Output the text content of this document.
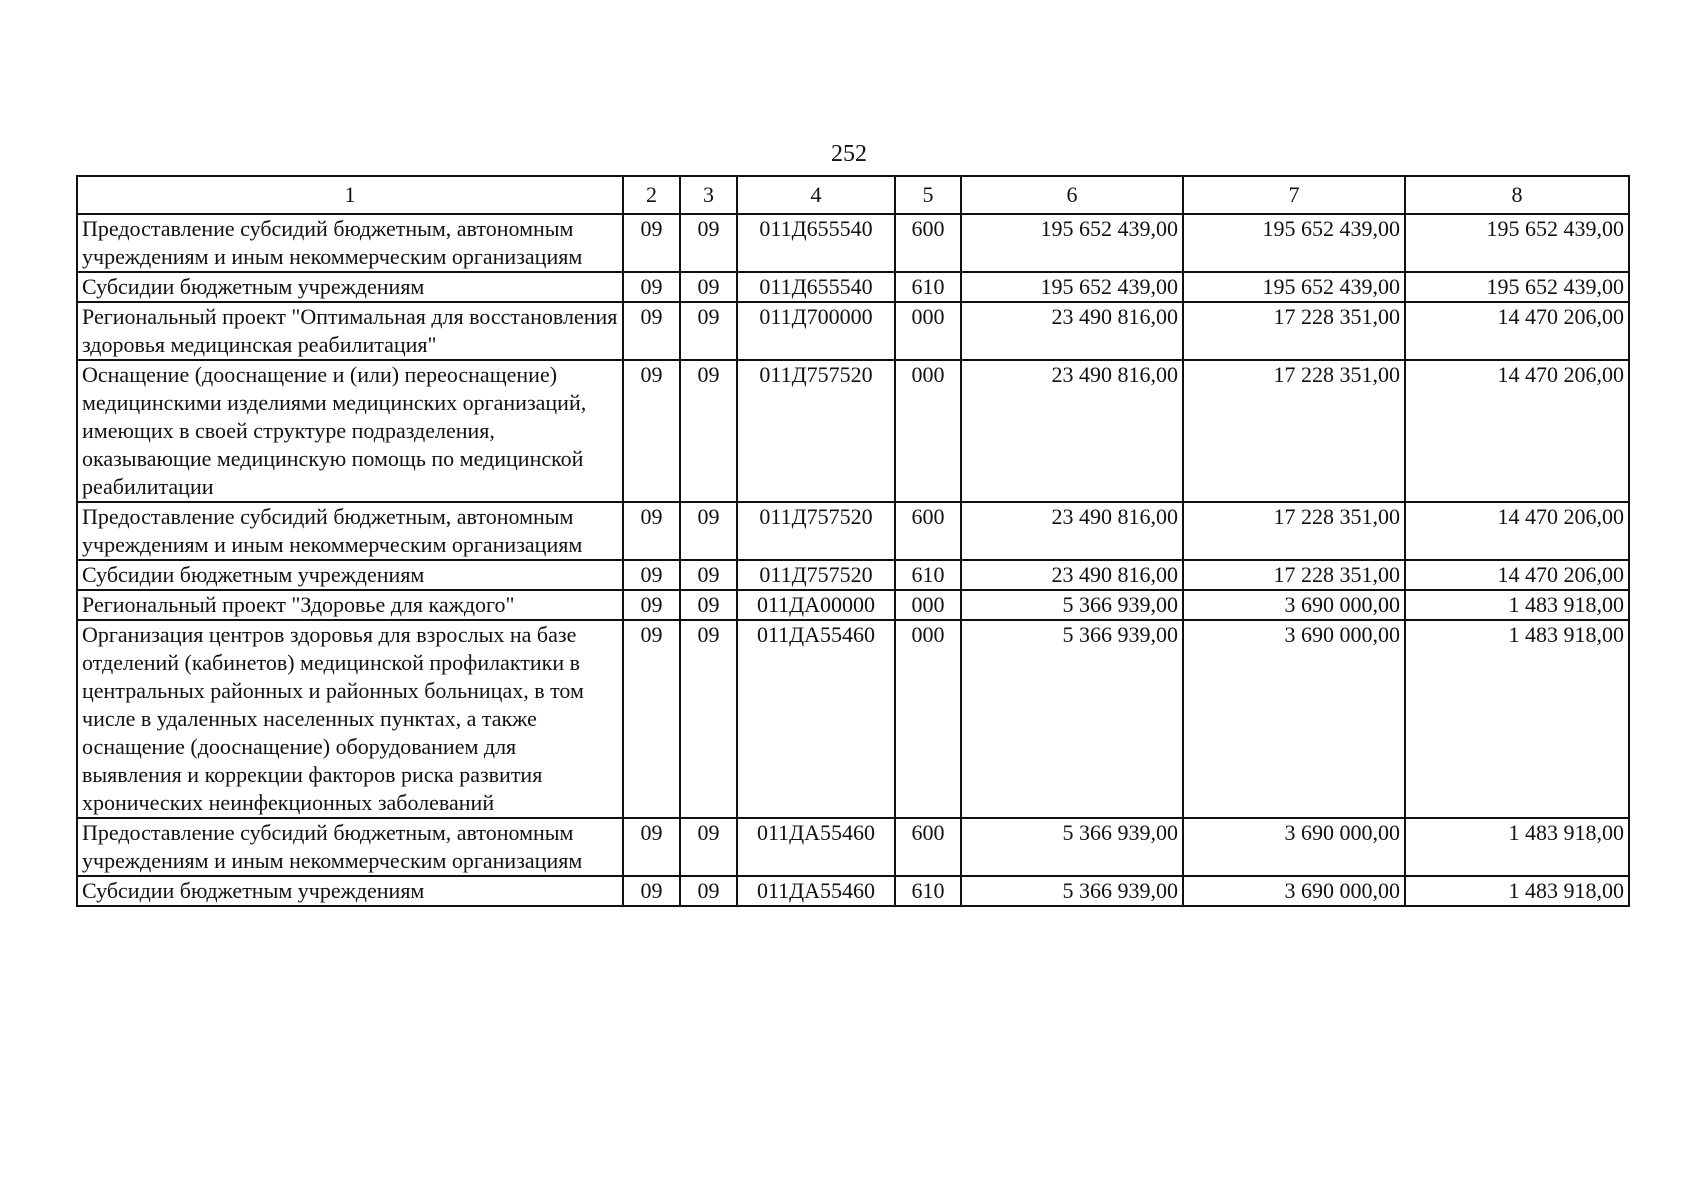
252
1	2	3	4	5	6	7	8
Предоставление субсидий бюджетным, автономным учреждениям и иным некоммерческим организациям	09	09	011Д655540	600	195 652 439,00	195 652 439,00	195 652 439,00
Субсидии бюджетным учреждениям	09	09	011Д655540	610	195 652 439,00	195 652 439,00	195 652 439,00
Региональный проект "Оптимальная для восстановления здоровья медицинская реабилитация"	09	09	011Д700000	000	23 490 816,00	17 228 351,00	14 470 206,00
Оснащение (дооснащение и (или) переоснащение) медицинскими изделиями медицинских организаций, имеющих в своей структуре подразделения, оказывающие медицинскую помощь по медицинской реабилитации	09	09	011Д757520	000	23 490 816,00	17 228 351,00	14 470 206,00
Предоставление субсидий бюджетным, автономным учреждениям и иным некоммерческим организациям	09	09	011Д757520	600	23 490 816,00	17 228 351,00	14 470 206,00
Субсидии бюджетным учреждениям	09	09	011Д757520	610	23 490 816,00	17 228 351,00	14 470 206,00
Региональный проект "Здоровье для каждого"	09	09	011ДА00000	000	5 366 939,00	3 690 000,00	1 483 918,00
Организация центров здоровья для взрослых на базе отделений (кабинетов) медицинской профилактики в центральных районных и районных больницах, в том числе в удаленных населенных пунктах, а также оснащение (дооснащение) оборудованием для выявления и коррекции факторов риска развития хронических неинфекционных заболеваний	09	09	011ДА55460	000	5 366 939,00	3 690 000,00	1 483 918,00
Предоставление субсидий бюджетным, автономным учреждениям и иным некоммерческим организациям	09	09	011ДА55460	600	5 366 939,00	3 690 000,00	1 483 918,00
Субсидии бюджетным учреждениям	09	09	011ДА55460	610	5 366 939,00	3 690 000,00	1 483 918,00
